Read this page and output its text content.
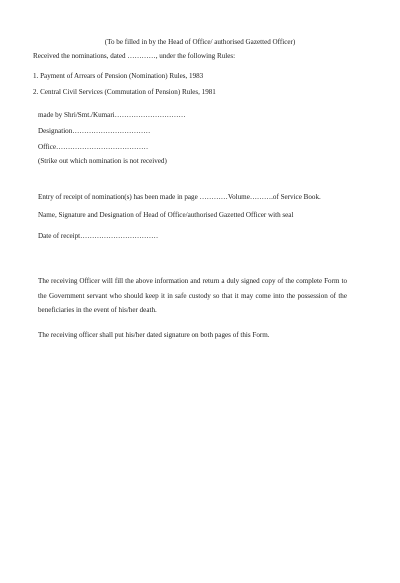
(To be filled in by the Head of Office/ authorised Gazetted Officer)
Received the nominations, dated …………, under the following Rules:
1. Payment of Arrears of Pension (Nomination) Rules, 1983
2. Central Civil Services (Commutation of Pension) Rules, 1981
made by Shri/Smt./Kumari…………………………
Designation……………………………
Office…………………………………
(Strike out which nomination is not received)
Entry of receipt of nomination(s) has been made in page …………Volume……….of Service Book.
Name, Signature and Designation of Head of Office/authorised Gazetted Officer with seal
Date of receipt……………………………
The receiving Officer will fill the above information and return a duly signed copy of the complete Form to the Government servant who should keep it in safe custody so that it may come into the possession of the beneficiaries in the event of his/her death.
The receiving officer shall put his/her dated signature on both pages of this Form.
